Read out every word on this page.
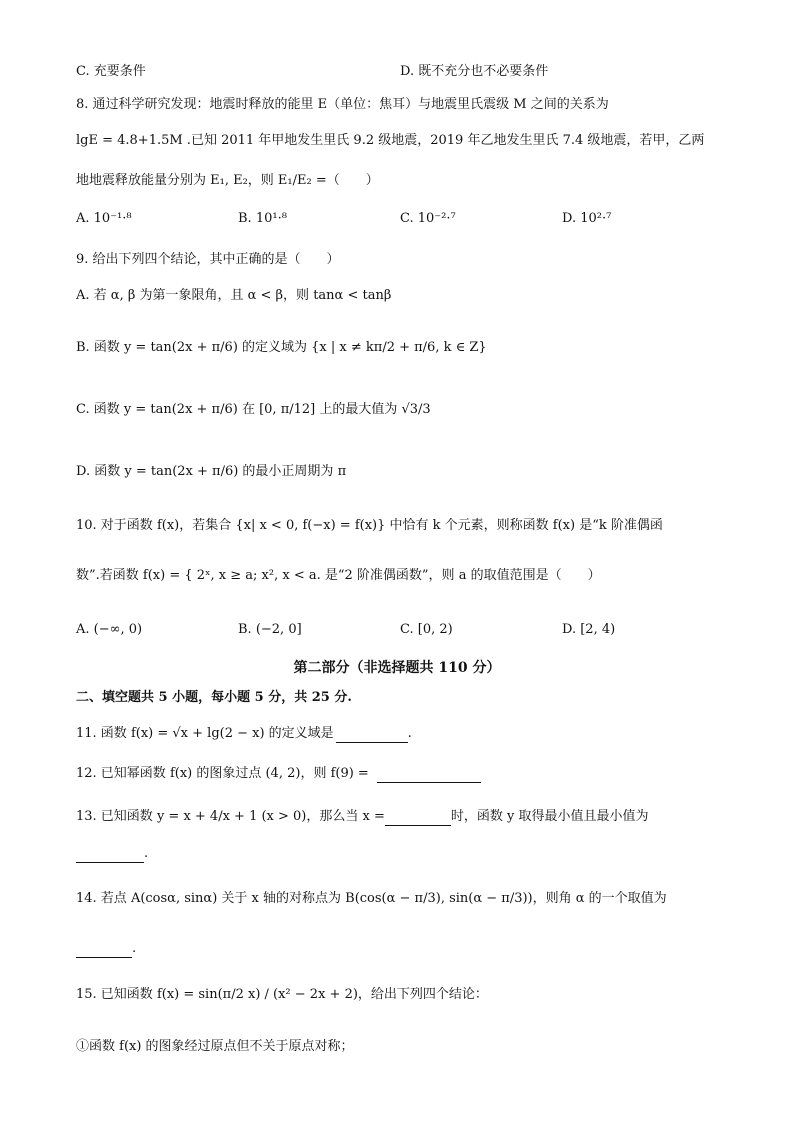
C. 充要条件	D. 既不充分也不必要条件
8. 通过科学研究发现：地震时释放的能里 E（单位：焦耳）与地震里氏震级 M 之间的关系为
lgE = 4.8+1.5M .已知 2011 年甲地发生里氏 9.2 级地震，2019 年乙地发生里氏 7.4 级地震，若甲，乙两
地地震释放能量分别为 E₁, E₂，则 E₁/E₂ =（　　）
A. 10⁻¹·⁸	B. 10¹·⁸	C. 10⁻²·⁷	D. 10²·⁷
9. 给出下列四个结论，其中正确的是（　　）
A. 若 α, β 为第一象限角，且 α < β，则 tanα < tanβ
B. 函数 y = tan(2x + π/6) 的定义域为 {x | x ≠ kπ/2 + π/6, k ∈ Z}
C. 函数 y = tan(2x + π/6) 在 [0, π/12] 上的最大值为 √3/3
D. 函数 y = tan(2x + π/6) 的最小正周期为 π
10. 对于函数 f(x)，若集合 {x| x < 0, f(−x) = f(x)} 中恰有 k 个元素，则称函数 f(x) 是“k 阶准偶函
数”.若函数 f(x) = { 2ˣ, x ≥ a; x², x < a. 是“2 阶准偶函数”，则 a 的取值范围是（　　）
A. (−∞, 0)	B. (−2, 0]	C. [0, 2)	D. [2, 4)
第二部分（非选择题共 110 分）
二、填空题共 5 小题，每小题 5 分，共 25 分.
11. 函数 f(x) = √x + lg(2 − x) 的定义域是	.
12. 已知幂函数 f(x) 的图象过点 (4, 2)，则 f(9) =
13. 已知函数 y = x + 4/x + 1 (x > 0)，那么当 x =	时，函数 y 取得最小值且最小值为
.
14. 若点 A(cosα, sinα) 关于 x 轴的对称点为 B(cos(α − π/3), sin(α − π/3))，则角 α 的一个取值为
.
15. 已知函数 f(x) = sin(π/2 x) / (x² − 2x + 2)，给出下列四个结论：
①函数 f(x) 的图象经过原点但不关于原点对称；
